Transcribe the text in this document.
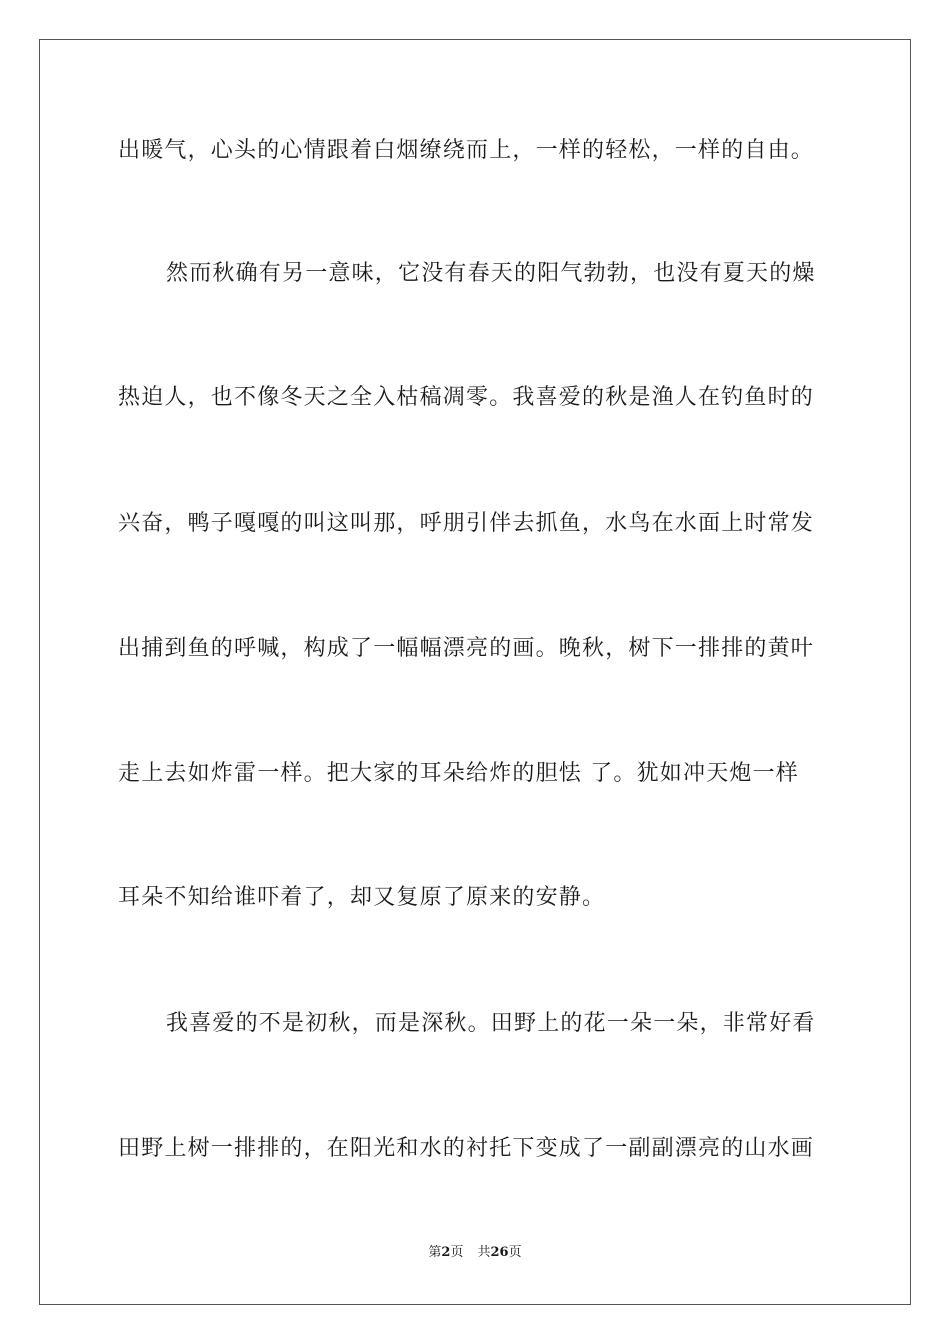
出暖气，心头的心情跟着白烟缭绕而上，一样的轻松，一样的自由。
然而秋确有另一意味，它没有春天的阳气勃勃，也没有夏天的燥
热迫人，也不像冬天之全入枯稿凋零。我喜爱的秋是渔人在钓鱼时的
兴奋，鸭子嘎嘎的叫这叫那，呼朋引伴去抓鱼，水鸟在水面上时常发
出捕到鱼的呼喊，构成了一幅幅漂亮的画。晚秋，树下一排排的黄叶
走上去如炸雷一样。把大家的耳朵给炸的胆怯 了。犹如冲天炮一样
耳朵不知给谁吓着了，却又复原了原来的安静。
我喜爱的不是初秋，而是深秋。田野上的花一朵一朵，非常好看
田野上树一排排的，在阳光和水的衬托下变成了一副副漂亮的山水画
第2页 共26页
